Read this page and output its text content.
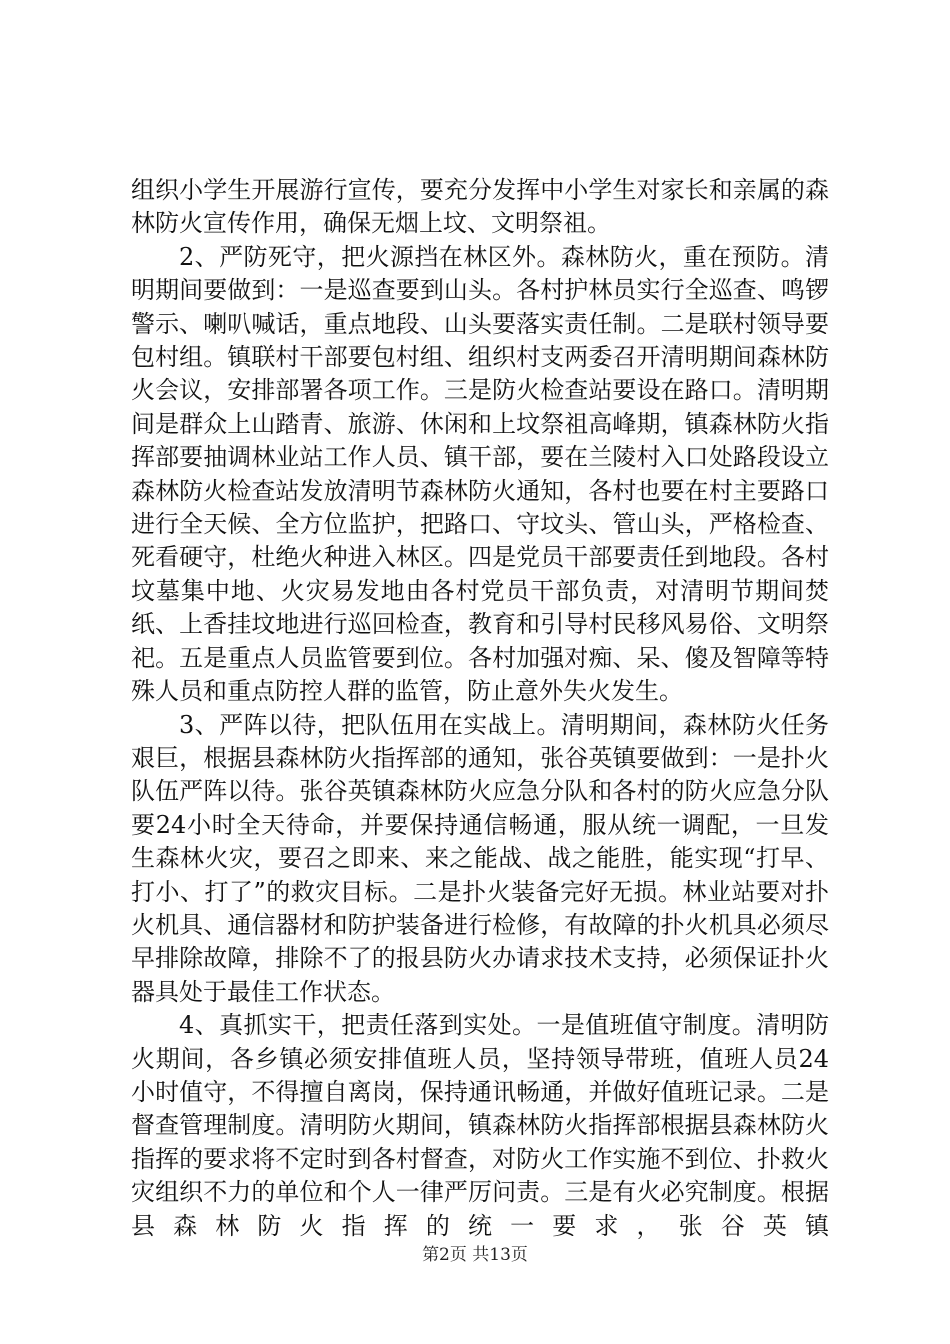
组织小学生开展游行宣传，要充分发挥中小学生对家长和亲属的森林防火宣传作用，确保无烟上坟、文明祭祖。

2、严防死守，把火源挡在林区外。森林防火，重在预防。清明期间要做到：一是巡查要到山头。各村护林员实行全巡查、鸣锣警示、喇叭喊话，重点地段、山头要落实责任制。二是联村领导要包村组。镇联村干部要包村组、组织村支两委召开清明期间森林防火会议，安排部署各项工作。三是防火检查站要设在路口。清明期间是群众上山踏青、旅游、休闲和上坟祭祖高峰期，镇森林防火指挥部要抽调林业站工作人员、镇干部，要在兰陵村入口处路段设立森林防火检查站发放清明节森林防火通知，各村也要在村主要路口进行全天候、全方位监护，把路口、守坟头、管山头，严格检查、死看硬守，杜绝火种进入林区。四是党员干部要责任到地段。各村坟墓集中地、火灾易发地由各村党员干部负责，对清明节期间焚纸、上香挂坟地进行巡回检查，教育和引导村民移风易俗、文明祭祀。五是重点人员监管要到位。各村加强对痴、呆、傻及智障等特殊人员和重点防控人群的监管，防止意外失火发生。

3、严阵以待，把队伍用在实战上。清明期间，森林防火任务艰巨，根据县森林防火指挥部的通知，张谷英镇要做到：一是扑火队伍严阵以待。张谷英镇森林防火应急分队和各村的防火应急分队要24小时全天待命，并要保持通信畅通，服从统一调配，一旦发生森林火灾，要召之即来、来之能战、战之能胜，能实现“打早、打小、打了”的救灾目标。二是扑火装备完好无损。林业站要对扑火机具、通信器材和防护装备进行检修，有故障的扑火机具必须尽早排除故障，排除不了的报县防火办请求技术支持，必须保证扑火器具处于最佳工作状态。

4、真抓实干，把责任落到实处。一是值班值守制度。清明防火期间，各乡镇必须安排值班人员，坚持领导带班，值班人员24小时值守，不得擅自离岗，保持通讯畅通，并做好值班记录。二是督查管理制度。清明防火期间，镇森林防火指挥部根据县森林防火指挥的要求将不定时到各村督查，对防火工作实施不到位、扑救火灾组织不力的单位和个人一律严厉问责。三是有火必究制度。根据县森林防火指挥的统一要求，张谷英镇

第2页 共13页
